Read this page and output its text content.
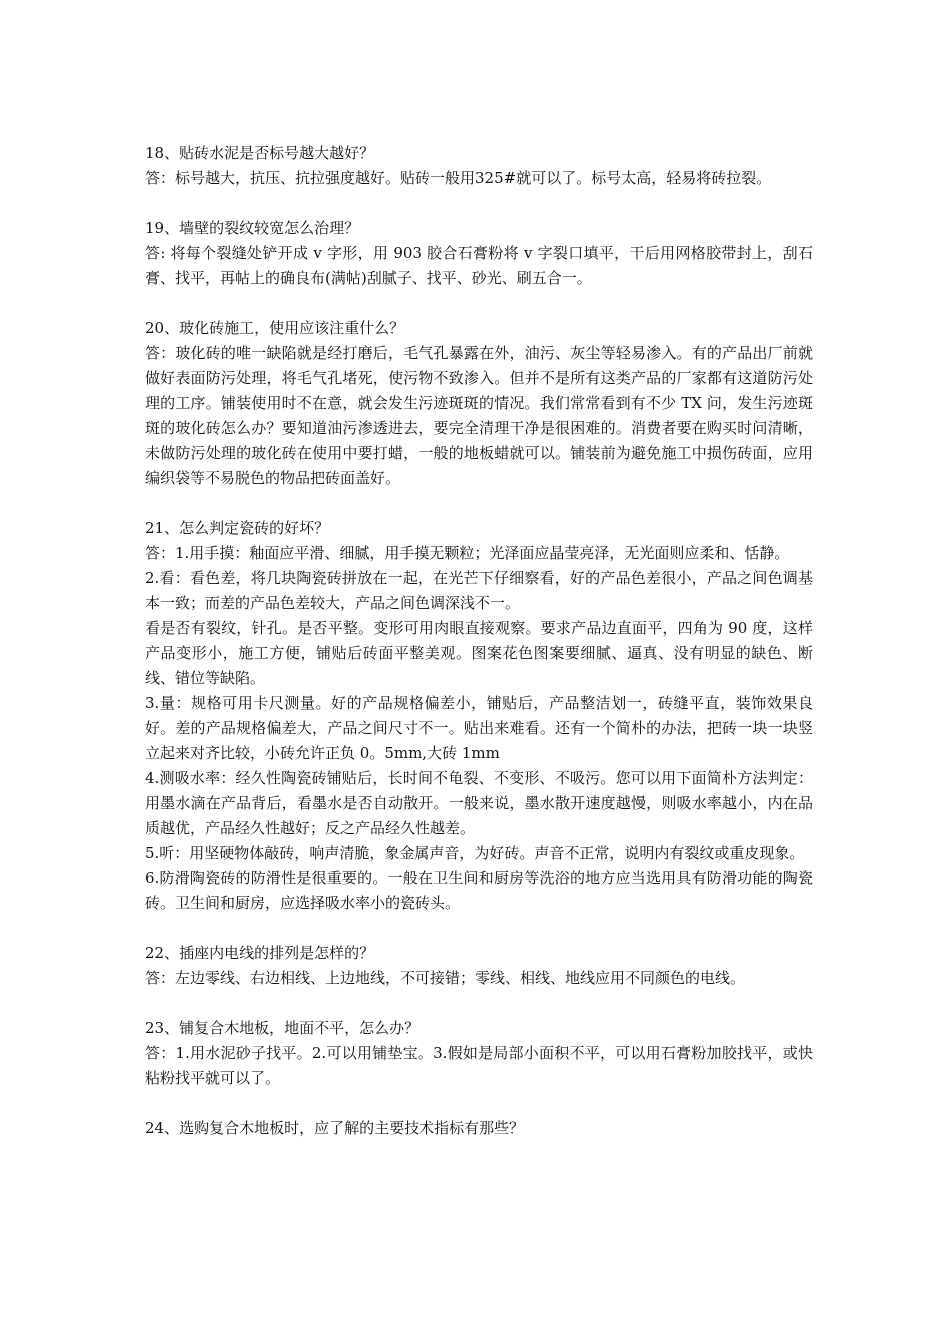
18、贴砖水泥是否标号越大越好？

答：标号越大，抗压、抗拉强度越好。贴砖一般用325#就可以了。标号太高，轻易将砖拉裂。

19、墙壁的裂纹较宽怎么治理？

答: 将每个裂缝处铲开成 v 字形，用 903 胶合石膏粉将 v 字裂口填平，干后用网格胶带封上，刮石膏、找平，再帖上的确良布(满帖)刮腻子、找平、砂光、刷五合一。

20、玻化砖施工，使用应该注重什么？

答：玻化砖的唯一缺陷就是经打磨后，毛气孔暴露在外，油污、灰尘等轻易渗入。有的产品出厂前就做好表面防污处理，将毛气孔堵死，使污物不致渗入。但并不是所有这类产品的厂家都有这道防污处理的工序。铺装使用时不在意，就会发生污迹斑斑的情况。我们常常看到有不少 TX 问，发生污迹斑斑的玻化砖怎么办？要知道油污渗透进去，要完全清理干净是很困难的。消费者要在购买时问清晰，未做防污处理的玻化砖在使用中要打蜡，一般的地板蜡就可以。铺装前为避免施工中损伤砖面，应用编织袋等不易脱色的物品把砖面盖好。

21、怎么判定瓷砖的好坏？

答：1.用手摸：釉面应平滑、细腻，用手摸无颗粒；光泽面应晶莹亮泽，无光面则应柔和、恬静。

2.看：看色差，将几块陶瓷砖拼放在一起，在光芒下仔细察看，好的产品色差很小，产品之间色调基本一致；而差的产品色差较大，产品之间色调深浅不一。

看是否有裂纹，针孔。是否平整。变形可用肉眼直接观察。要求产品边直面平，四角为 90 度，这样产品变形小，施工方便，铺贴后砖面平整美观。图案花色图案要细腻、逼真、没有明显的缺色、断线、错位等缺陷。

3.量：规格可用卡尺测量。好的产品规格偏差小，铺贴后，产品整洁划一，砖缝平直，装饰效果良好。差的产品规格偏差大，产品之间尺寸不一。贴出来难看。还有一个简朴的办法，把砖一块一块竖立起来对齐比较，小砖允许正负 0。5mm,大砖 1mm

4.测吸水率：经久性陶瓷砖铺贴后，长时间不龟裂、不变形、不吸污。您可以用下面简朴方法判定：用墨水滴在产品背后，看墨水是否自动散开。一般来说，墨水散开速度越慢，则吸水率越小，内在品质越优，产品经久性越好；反之产品经久性越差。

5.听：用坚硬物体敲砖，响声清脆，象金属声音，为好砖。声音不正常，说明内有裂纹或重皮现象。

6.防滑陶瓷砖的防滑性是很重要的。一般在卫生间和厨房等洗浴的地方应当选用具有防滑功能的陶瓷砖。卫生间和厨房，应选择吸水率小的瓷砖头。

22、插座内电线的排列是怎样的？

答：左边零线、右边相线、上边地线，不可接错；零线、相线、地线应用不同颜色的电线。

23、铺复合木地板，地面不平，怎么办？

答：1.用水泥砂子找平。2.可以用铺垫宝。3.假如是局部小面积不平，可以用石膏粉加胶找平，或快粘粉找平就可以了。

24、选购复合木地板时，应了解的主要技术指标有那些？
